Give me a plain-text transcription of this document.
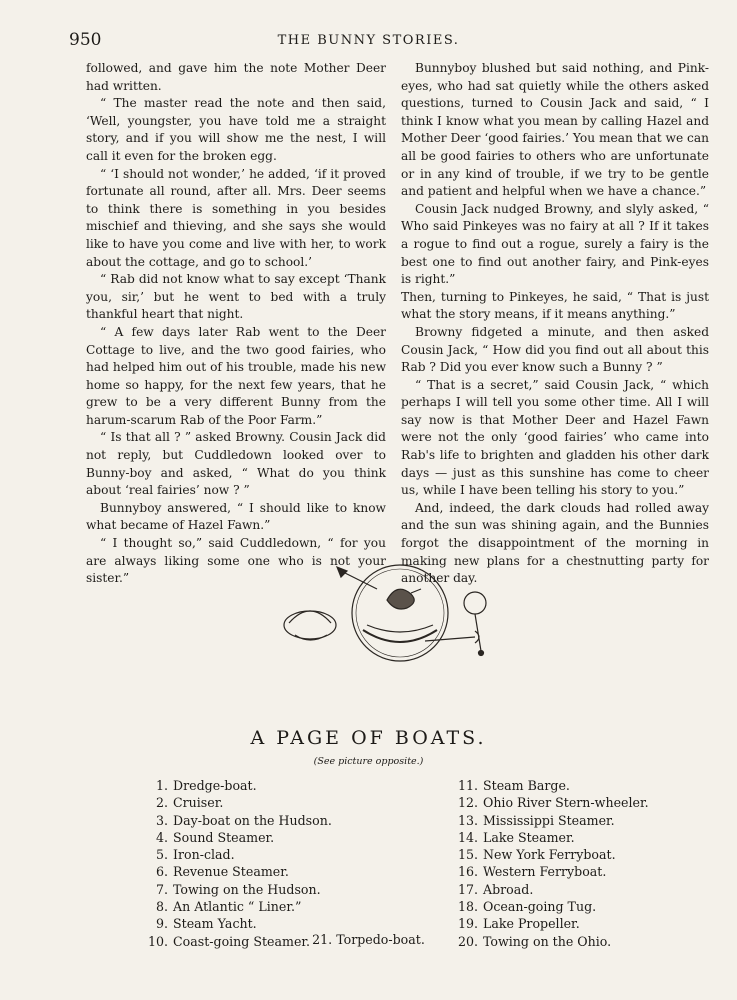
950	THE BUNNY STORIES.

followed, and gave him the note Mother Deer had written.

“ The master read the note and then said, ‘Well, youngster, you have told me a straight story, and if you will show me the nest, I will call it even for the broken egg.

“ ‘I should not wonder,’ he added, ‘if it proved fortunate all round, after all. Mrs. Deer seems to think there is something in you besides mischief and thieving, and she says she would like to have you come and live with her, to work about the cottage, and go to school.’

“ Rab did not know what to say except ‘Thank you, sir,’ but he went to bed with a truly thankful heart that night.

“ A few days later Rab went to the Deer Cottage to live, and the two good fairies, who had helped him out of his trouble, made his new home so happy, for the next few years, that he grew to be a very different Bunny from the harum-scarum Rab of the Poor Farm.”

“ Is that all ? ” asked Browny. Cousin Jack did not reply, but Cuddledown looked over to Bunny-boy and asked, “ What do you think about ‘real fairies’ now ? ”

Bunnyboy answered, “ I should like to know what became of Hazel Fawn.”

“ I thought so,” said Cuddledown, “ for you are always liking some one who is not your sister.”

Bunnyboy blushed but said nothing, and Pink-eyes, who had sat quietly while the others asked questions, turned to Cousin Jack and said, “ I think I know what you mean by calling Hazel and Mother Deer ‘good fairies.’ You mean that we can all be good fairies to others who are unfortunate or in any kind of trouble, if we try to be gentle and patient and helpful when we have a chance.”

Cousin Jack nudged Browny, and slyly asked, “ Who said Pinkeyes was no fairy at all ? If it takes a rogue to find out a rogue, surely a fairy is the best one to find out another fairy, and Pink-eyes is right.”

Then, turning to Pinkeyes, he said, “ That is just what the story means, if it means anything.”

Browny fidgeted a minute, and then asked Cousin Jack, “ How did you find out all about this Rab ? Did you ever know such a Bunny ? ”

“ That is a secret,” said Cousin Jack, “ which perhaps I will tell you some other time. All I will say now is that Mother Deer and Hazel Fawn were not the only ‘good fairies’ who came into Rab's life to brighten and gladden his other dark days — just as this sunshine has come to cheer us, while I have been telling his story to you.”

And, indeed, the dark clouds had rolled away and the sun was shining again, and the Bunnies forgot the disappointment of the morning in making new plans for a chestnutting party for another day.

A PAGE OF BOATS.
(See picture opposite.)
1. Dredge-boat.
2. Cruiser.
3. Day-boat on the Hudson.
4. Sound Steamer.
5. Iron-clad.
6. Revenue Steamer.
7. Towing on the Hudson.
8. An Atlantic “ Liner.”
9. Steam Yacht.
10. Coast-going Steamer.
11. Steam Barge.
12. Ohio River Stern-wheeler.
13. Mississippi Steamer.
14. Lake Steamer.
15. New York Ferryboat.
16. Western Ferryboat.
17. Abroad.
18. Ocean-going Tug.
19. Lake Propeller.
20. Towing on the Ohio.
21. Torpedo-boat.
